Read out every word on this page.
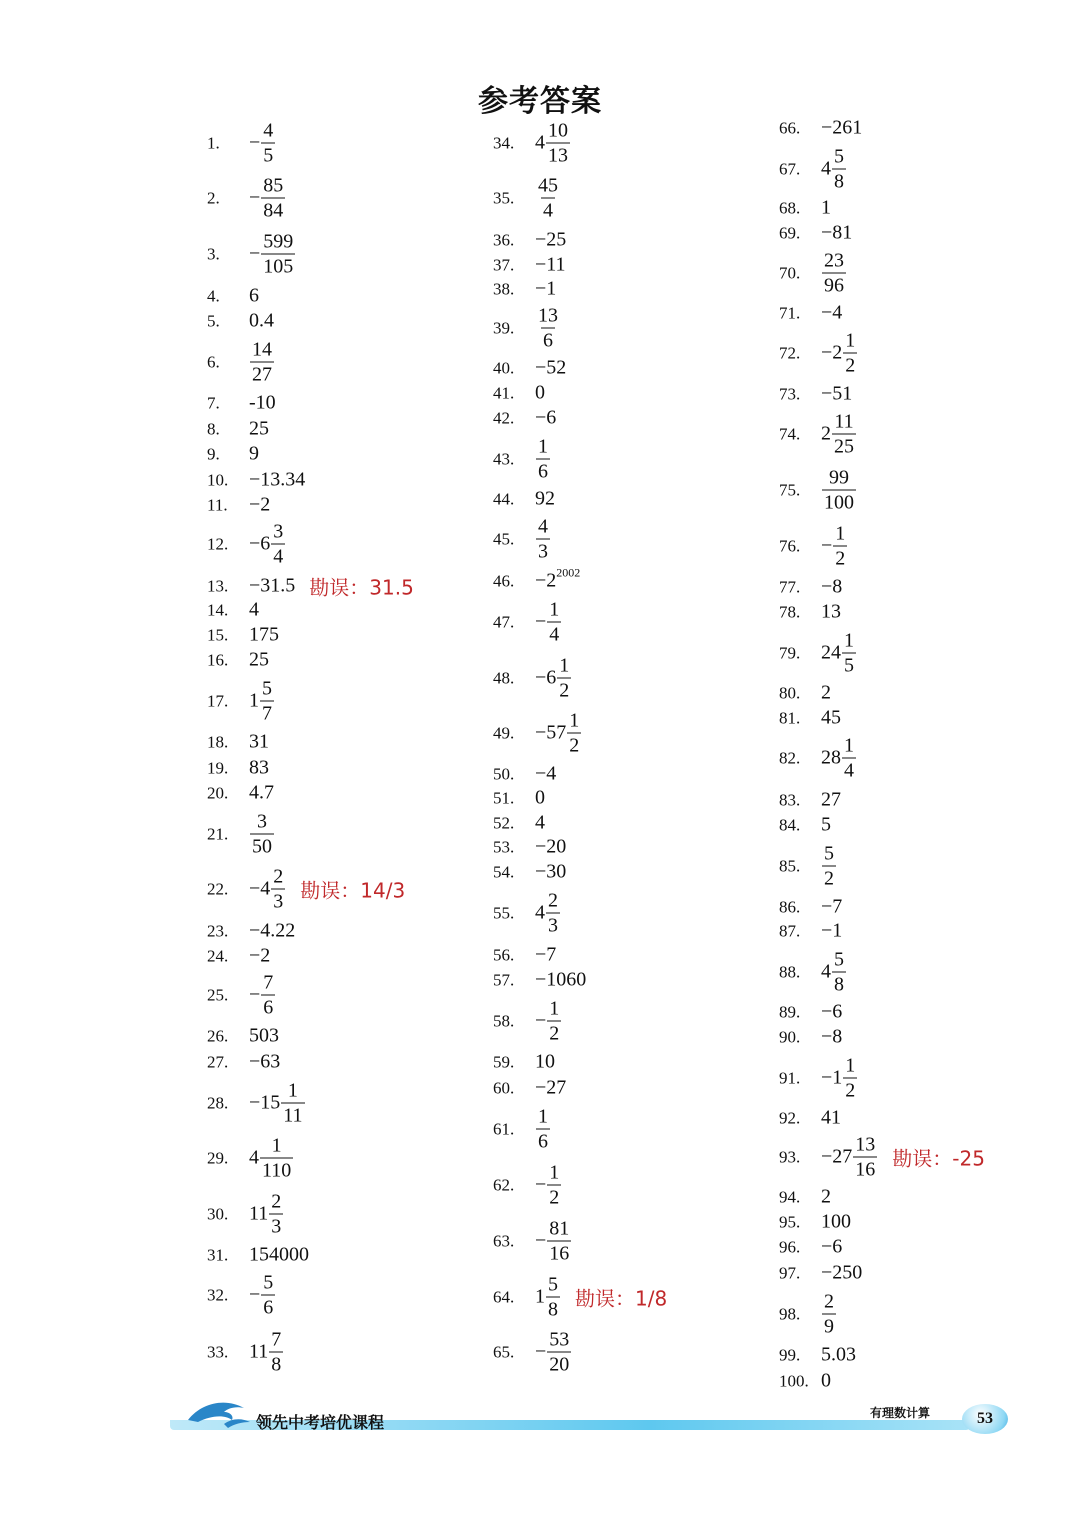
参考答案
1.	− $\frac{4}{5}$
2.	− $\frac{85}{84}$
3.	− $\frac{599}{105}$
4.	6
5.	0.4
6.	$\frac{14}{27}$
7.	-10
8.	25
9.	9
10.	−13.34
11.	−2
12.	$-6 \frac{3}{4}$
13.	−31.5 勘误：31.5
14.	4
15.	175
16.	25
17.	$1 \frac{5}{7}$
18.	31
19.	83
20.	4.7
21.	$\frac{3}{50}$
22.	$-4 \frac{2}{3}$ 勘误：14/3
23.	−4.22
24.	−2
25.	− $\frac{7}{6}$
26.	503
27.	−63
28.	$-15 \frac{1}{11}$
29.	$4 \frac{1}{110}$
30.	$11 \frac{2}{3}$
31.	154000
32.	− $\frac{5}{6}$
33.	$11 \frac{7}{8}$
34.	$4 \frac{10}{13}$
35.	$\frac{45}{4}$
36.	−25
37.	−11
38.	−1
39.	$\frac{13}{6}$
40.	−52
41.	0
42.	−6
43.	$\frac{1}{6}$
44.	92
45.	$\frac{4}{3}$
46.	−2 2002
47.	− $\frac{1}{4}$
48.	$-6 \frac{1}{2}$
49.	$-57 \frac{1}{2}$
50.	−4
51.	0
52.	4
53.	−20
54.	−30
55.	$4 \frac{2}{3}$
56.	−7
57.	−1060
58.	− $\frac{1}{2}$
59.	10
60.	−27
61.	$\frac{1}{6}$
62.	− $\frac{1}{2}$
63.	− $\frac{81}{16}$
64.	$1 \frac{5}{8}$ 勘误：1/8
65.	− $\frac{53}{20}$
66.	−261
67.	$4 \frac{5}{8}$
68.	1
69.	−81
70.	$\frac{23}{96}$
71.	−4
72.	$-2 \frac{1}{2}$
73.	−51
74.	$2 \frac{11}{25}$
75.	$\frac{99}{100}$
76.	− $\frac{1}{2}$
77.	−8
78.	13
79.	$24 \frac{1}{5}$
80.	2
81.	45
82.	$28 \frac{1}{4}$
83.	27
84.	5
85.	$\frac{5}{2}$
86.	−7
87.	−1
88.	$4 \frac{5}{8}$
89.	−6
90.	−8
91.	$-1 \frac{1}{2}$
92.	41
93.	$-27 \frac{13}{16}$ 勘误：-25
94.	2
95.	100
96.	−6
97.	−250
98.	$\frac{2}{9}$
99.	5.03
100. 0
领先中考培优课程	有理数计算	53
